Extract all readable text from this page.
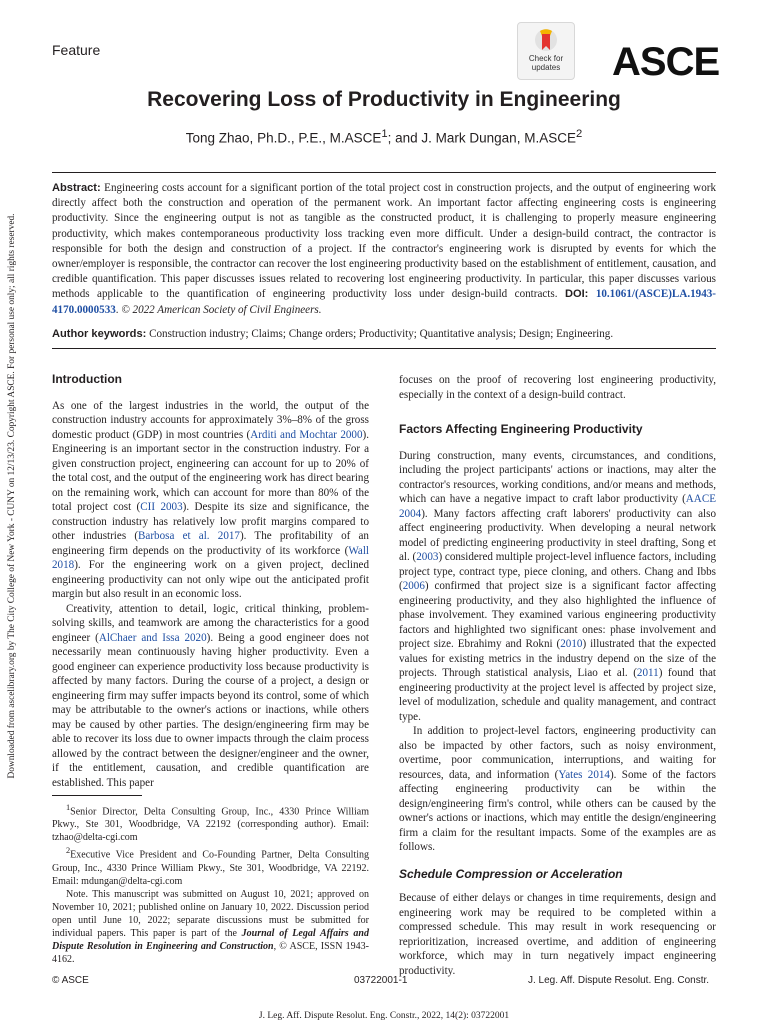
Feature
Check for
updates	ASCE
Recovering Loss of Productivity in Engineering
Tong Zhao, Ph.D., P.E., M.ASCE$^1$; and J. Mark Dungan, M.ASCE$^2$
Abstract: Engineering costs account for a significant portion of the total project cost in construction projects, and the output of engineering work directly affect both the construction and operation of the permanent work. An important factor affecting engineering costs is engineering productivity. Since the engineering output is not as tangible as the constructed product, it is challenging to properly measure engineering productivity, which makes contemporaneous productivity loss tracking even more difficult. Under a design-build contract, the contractor is responsible for both the design and construction of a project. If the contractor's engineering work is disrupted by events for which the owner/employer is responsible, the contractor can recover the lost engineering productivity based on the establishment of entitlement, causation, and credible quantification. This paper discusses issues related to recovering lost engineering productivity. In particular, this paper discusses various methods applicable to the quantification of engineering productivity loss under design-build contracts. DOI: 10.1061/(ASCE)LA.1943-4170.0000533. © 2022 American Society of Civil Engineers.
Author keywords: Construction industry; Claims; Change orders; Productivity; Quantitative analysis; Design; Engineering.
Introduction

As one of the largest industries in the world, the output of the construction industry accounts for approximately 3%–8% of the gross domestic product (GDP) in most countries (Arditi and Mochtar 2000). Engineering is an important sector in the construction industry. For a given construction project, engineering can account for up to 20% of the total cost, and the output of the engineering work has direct bearing on the remaining work, which can account for more than 80% of the total project cost (CII 2003). Despite its size and significance, the construction industry has relatively low profit margins compared to other industries (Barbosa et al. 2017). The profitability of an engineering firm depends on the productivity of its workforce (Wall 2018). For the engineering work on a given project, declined engineering productivity can not only wipe out the anticipated profit margin but also result in an economic loss.

Creativity, attention to detail, logic, critical thinking, problem-solving skills, and teamwork are among the characteristics for a good engineer (AlChaer and Issa 2020). Being a good engineer does not necessarily mean continuously having higher productivity. Even a good engineer can experience productivity loss because productivity is affected by many factors. During the course of a project, a design or engineering firm may suffer impacts beyond its control, some of which may be attributable to the owner's actions or inactions, while others may be caused by other parties. The design/engineering firm may be able to recover its loss due to owner impacts through the claim process allowed by the contract between the designer/engineer and the owner, if the entitlement, causation, and credible quantification are established. This paper

$^1$Senior Director, Delta Consulting Group, Inc., 4330 Prince William Pkwy., Ste 301, Woodbridge, VA 22192 (corresponding author). Email: tzhao@delta-cgi.com

$^2$Executive Vice President and Co-Founding Partner, Delta Consulting Group, Inc., 4330 Prince William Pkwy., Ste 301, Woodbridge, VA 22192. Email: mdungan@delta-cgi.com

Note. This manuscript was submitted on August 10, 2021; approved on November 10, 2021; published online on January 10, 2022. Discussion period open until June 10, 2022; separate discussions must be submitted for individual papers. This paper is part of the Journal of Legal Affairs and Dispute Resolution in Engineering and Construction, © ASCE, ISSN 1943-4162.

focuses on the proof of recovering lost engineering productivity, especially in the context of a design-build contract.

Factors Affecting Engineering Productivity

During construction, many events, circumstances, and conditions, including the project participants' actions or inactions, may alter the contractor's resources, working conditions, and/or means and methods, which can have a negative impact to craft labor productivity (AACE 2004). Many factors affecting craft laborers' productivity can also affect engineering productivity. When developing a neural network model of predicting engineering productivity in steel drafting, Song et al. (2003) considered multiple project-level influence factors, including project type, contract type, piece cloning, and others. Chang and Ibbs (2006) confirmed that project size is a significant factor affecting engineering productivity, and they also highlighted the influence of phase involvement. They examined various engineering productivity factors and highlighted two significant ones: phase involvement and project size. Ebrahimy and Rokni (2010) illustrated that the expected values for existing metrics in the industry depend on the size of the projects. Through statistical analysis, Liao et al. (2011) found that engineering productivity at the project level is affected by project size, level of modulization, schedule and quality management, and contract type.

In addition to project-level factors, engineering productivity can also be impacted by other factors, such as noisy environment, overtime, poor communication, interruptions, and waiting for resources, data, and information (Yates 2014). Some of the factors affecting engineering productivity can be within the design/engineering firm's control, while others can be caused by the owner's actions or inactions, which may entitle the design/engineering firm a claim for the resultant impacts. Some of the examples are as follows.

Schedule Compression or Acceleration

Because of either delays or changes in time requirements, design and engineering work may be required to be completed within a compressed schedule. This may result in work resequencing or reprioritization, increased overtime, and addition of engineering workforce, which may in turn negatively impact engineering productivity.

© ASCE	03722001-1	J. Leg. Aff. Dispute Resolut. Eng. Constr.
J. Leg. Aff. Dispute Resolut. Eng. Constr., 2022, 14(2): 03722001
Downloaded from ascelibrary.org by The City College of New York - CUNY on 12/13/23. Copyright ASCE. For personal use only; all rights reserved.
